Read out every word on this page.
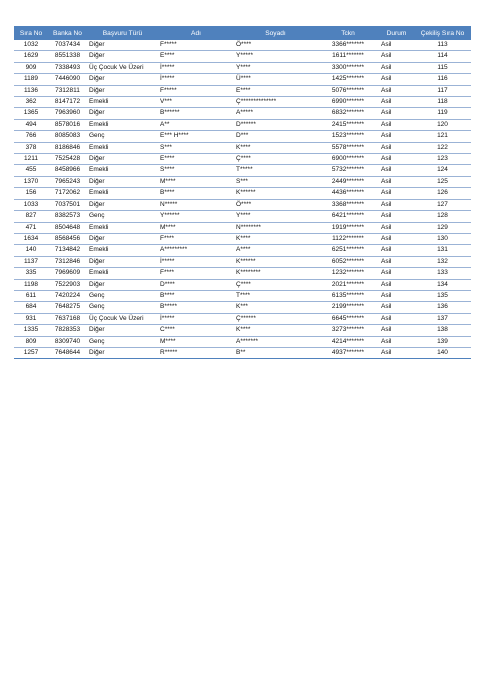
Sıra No	Banka No	Başvuru Türü	Adı	Soyadı	Tckn	Durum	Çekiliş Sıra No
1032	7037434	Diğer	F*****	Ö****	3366*******	Asil	113
1629	8551338	Diğer	E****	Y*****	1611*******	Asil	114
909	7338493	Üç Çocuk Ve Üzeri	İ*****	Y****	3300*******	Asil	115
1189	7446090	Diğer	İ*****	Ü****	1425*******	Asil	116
1136	7312811	Diğer	F*****	E****	5076*******	Asil	117
362	8147172	Emekli	V***	Ç**************	6990*******	Asil	118
1365	7963960	Diğer	B******	A*****	6832*******	Asil	119
494	8578016	Emekli	A**	D******	2415*******	Asil	120
766	8085083	Genç	E*** H****	D***	1523*******	Asil	121
378	8186846	Emekli	S***	K****	5578*******	Asil	122
1211	7525428	Diğer	E****	Ç****	6900*******	Asil	123
455	8458966	Emekli	S****	T*****	5732*******	Asil	124
1370	7965243	Diğer	M****	S***	2449*******	Asil	125
156	7172062	Emekli	B****	K******	4436*******	Asil	126
1033	7037501	Diğer	N*****	Ö****	3368*******	Asil	127
827	8382573	Genç	Y******	Y****	6421*******	Asil	128
471	8504648	Emekli	M****	N********	1919*******	Asil	129
1634	8568456	Diğer	F****	K****	1122*******	Asil	130
140	7134842	Emekli	A*********	A****	6251*******	Asil	131
1137	7312846	Diğer	İ*****	K******	6052*******	Asil	132
335	7969609	Emekli	F****	K********	1232*******	Asil	133
1198	7522903	Diğer	D****	Ç****	2021*******	Asil	134
611	7420224	Genç	B****	T****	6135*******	Asil	135
684	7648275	Genç	B*****	K***	2199*******	Asil	136
931	7637168	Üç Çocuk Ve Üzeri	İ*****	Ç******	6645*******	Asil	137
1335	7828353	Diğer	C****	K****	3273*******	Asil	138
809	8309740	Genç	M****	A*******	4214*******	Asil	139
1257	7648644	Diğer	R*****	B**	4937*******	Asil	140
